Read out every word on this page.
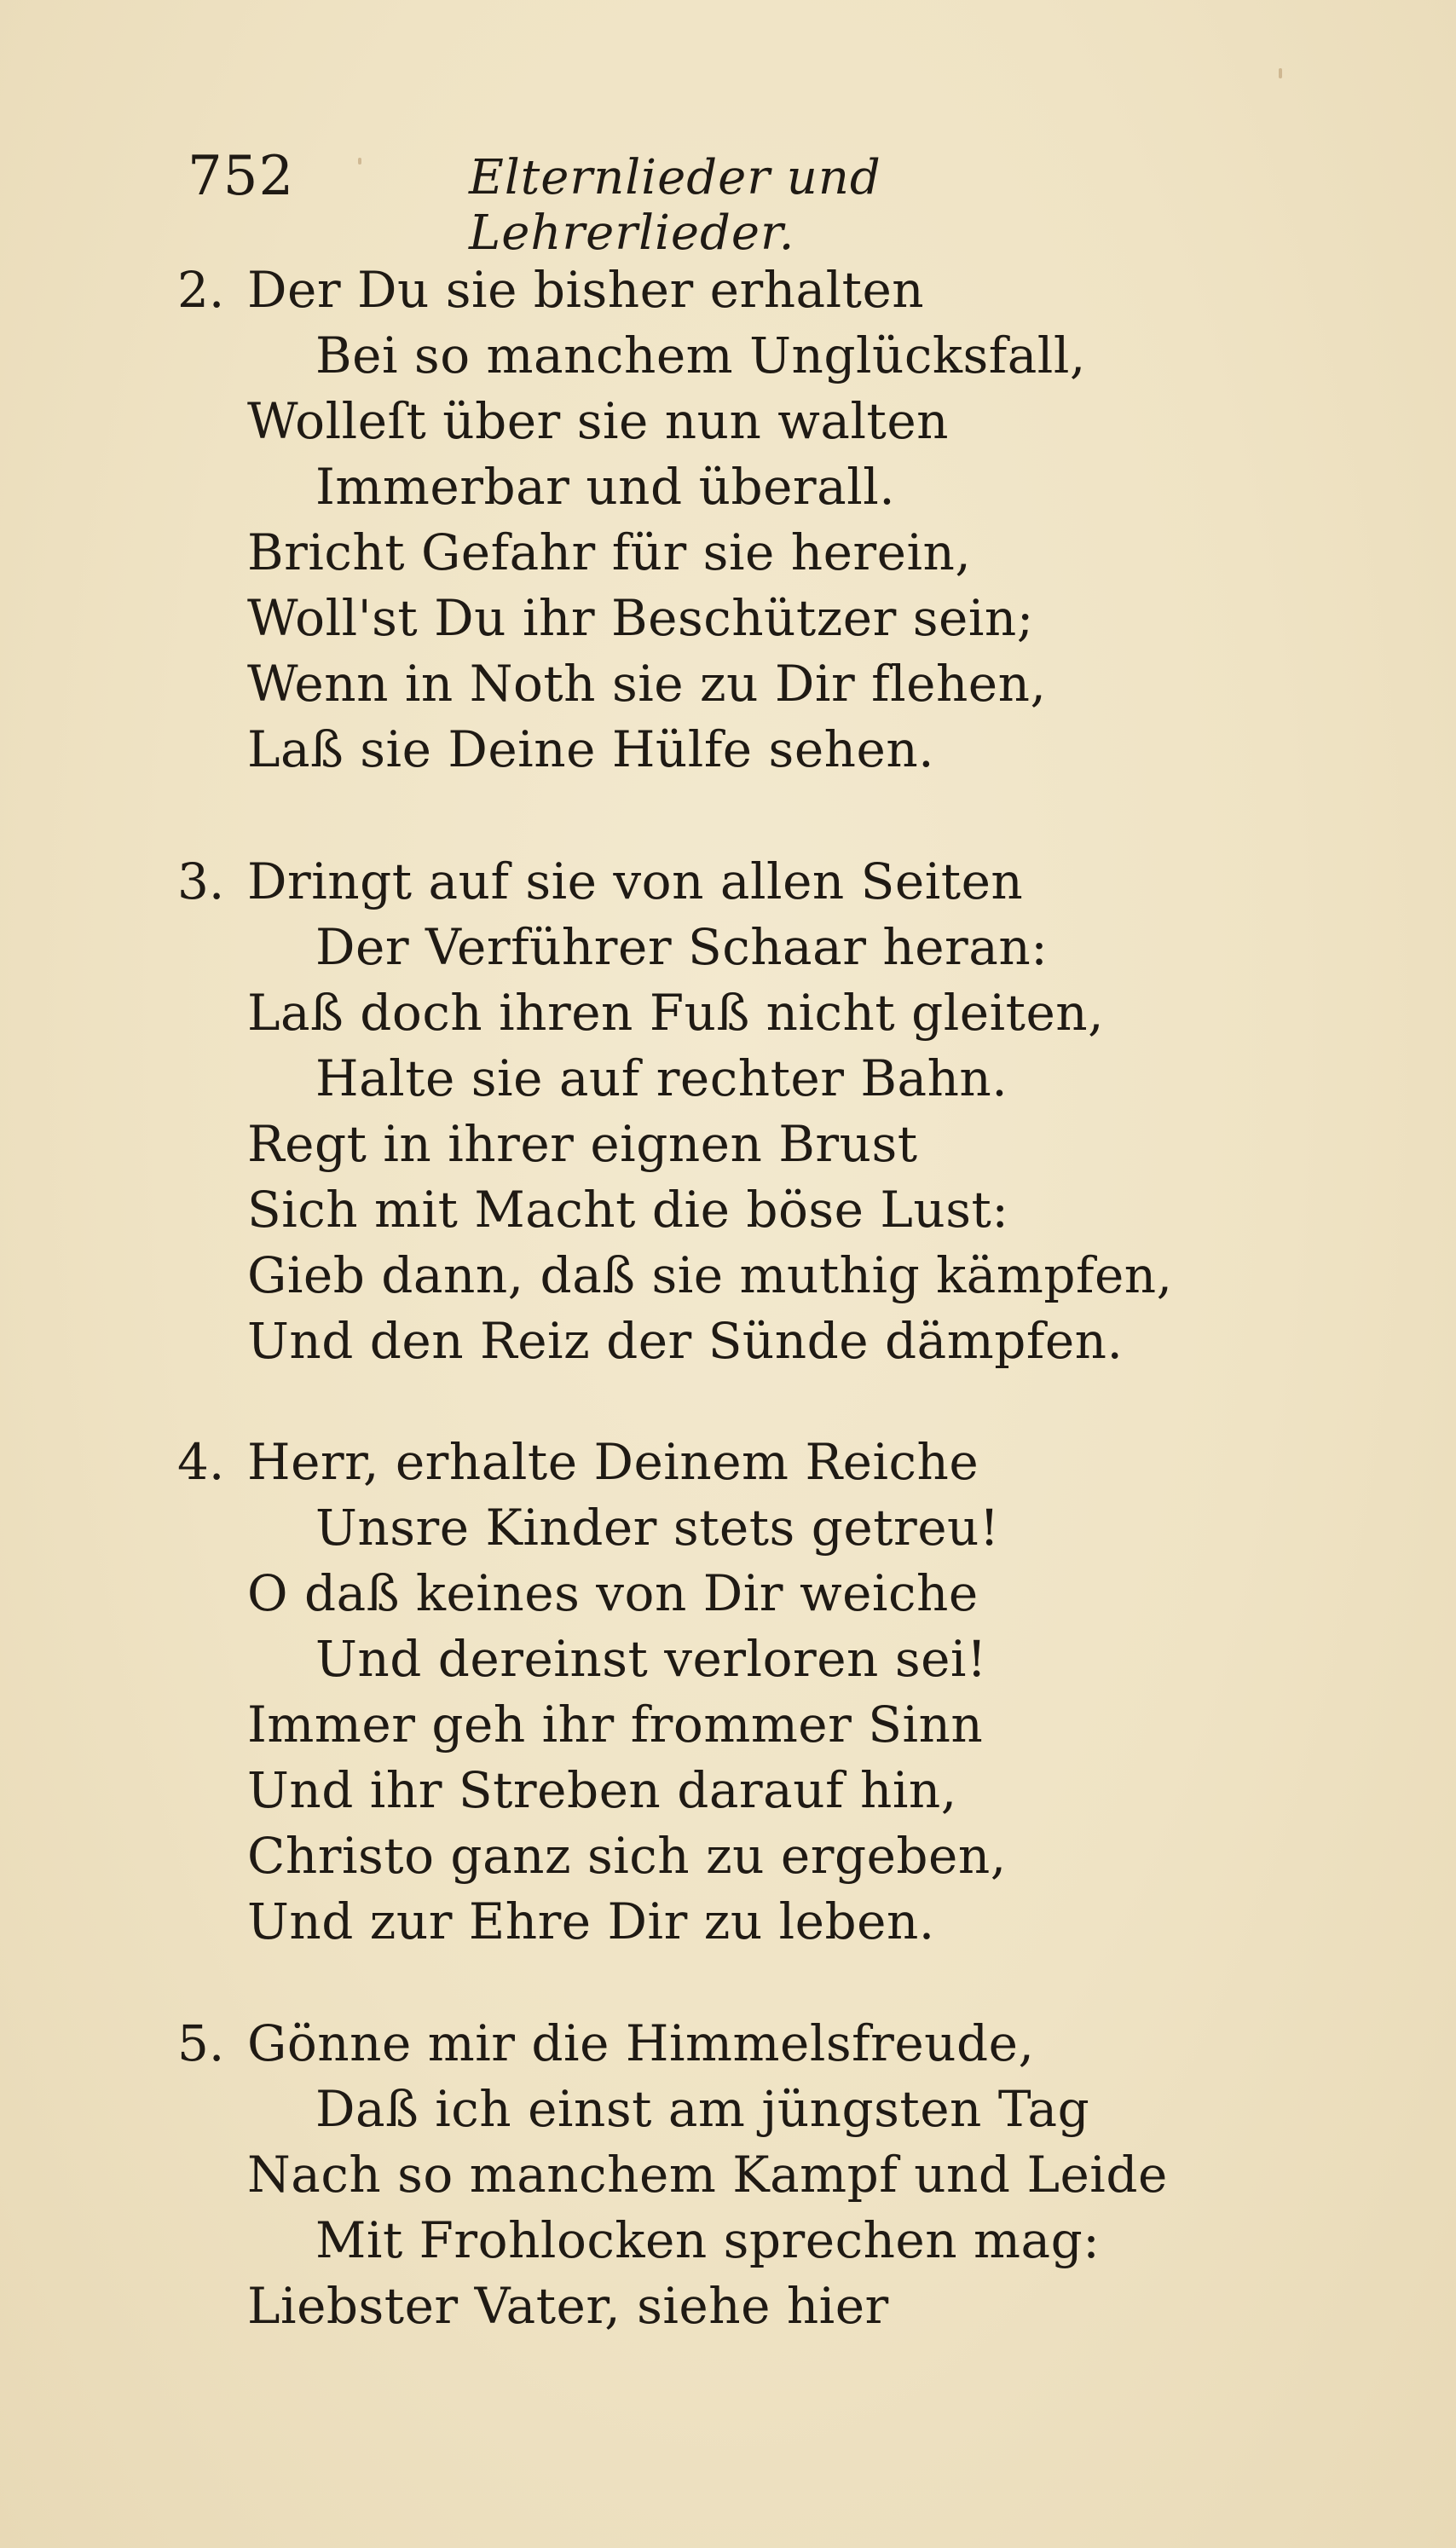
752	Elternlieder und Lehrerlieder.
2. Der Du sie bisher erhalten
Bei so manchem Unglücksfall,
Wolleſt über sie nun walten
Immerbar und überall.
Bricht Gefahr für sie herein,
Woll'st Du ihr Beschützer sein;
Wenn in Noth sie zu Dir flehen,
Laß sie Deine Hülfe sehen.
3. Dringt auf sie von allen Seiten
Der Verführer Schaar heran:
Laß doch ihren Fuß nicht gleiten,
Halte sie auf rechter Bahn.
Regt in ihrer eignen Brust
Sich mit Macht die böse Lust:
Gieb dann, daß sie muthig kämpfen,
Und den Reiz der Sünde dämpfen.
4. Herr, erhalte Deinem Reiche
Unsre Kinder stets getreu!
O daß keines von Dir weiche
Und dereinst verloren sei!
Immer geh ihr frommer Sinn
Und ihr Streben darauf hin,
Christo ganz sich zu ergeben,
Und zur Ehre Dir zu leben.
5. Gönne mir die Himmelsfreude,
Daß ich einst am jüngsten Tag
Nach so manchem Kampf und Leide
Mit Frohlocken sprechen mag:
Liebster Vater, siehe hier
